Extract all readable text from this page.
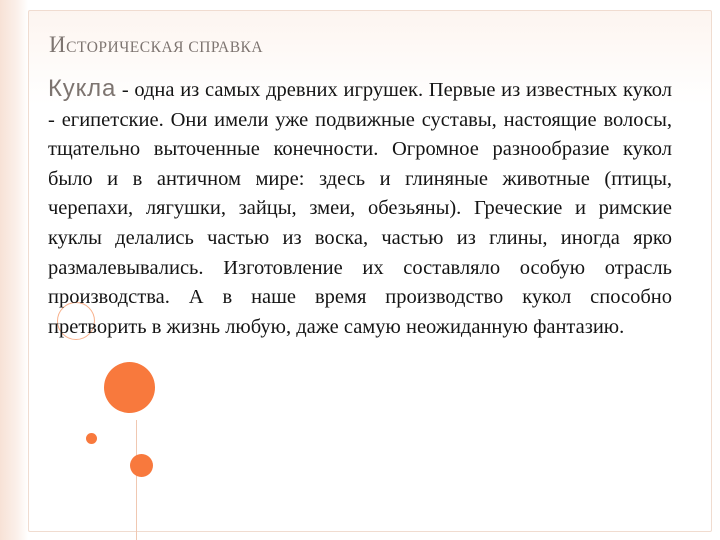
ИСТОРИЧЕСКАЯ СПРАВКА

Кукла - одна из самых древних игрушек. Первые из известных кукол - египетские. Они имели уже подвижные суставы, настоящие волосы, тщательно выточенные конечности. Огромное разнообразие кукол было и в античном мире: здесь и глиняные животные (птицы, черепахи, лягушки, зайцы, змеи, обезьяны). Греческие и римские куклы делались частью из воска, частью из глины, иногда ярко размалевывались. Изготовление их составляло особую отрасль производства. А в наше время производство кукол способно претворить в жизнь любую, даже самую неожиданную фантазию.
